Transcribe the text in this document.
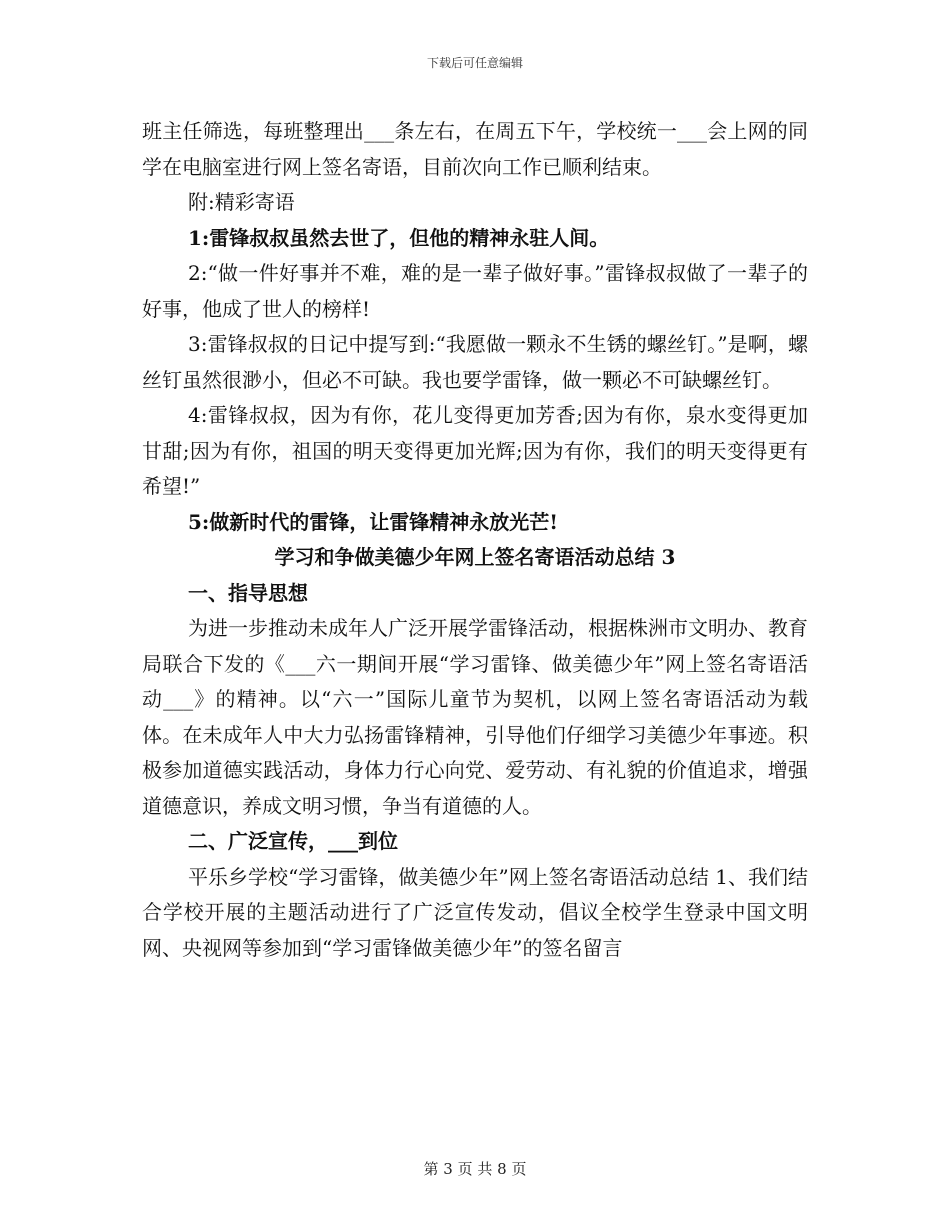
下载后可任意编辑

班主任筛选，每班整理出___条左右，在周五下午，学校统一___会上网的同学在电脑室进行网上签名寄语，目前次向工作已顺利结束。

附:精彩寄语

1:雷锋叔叔虽然去世了，但他的精神永驻人间。

2:“做一件好事并不难，难的是一辈子做好事。”雷锋叔叔做了一辈子的好事，他成了世人的榜样!

3:雷锋叔叔的日记中提写到:“我愿做一颗永不生锈的螺丝钉。”是啊，螺丝钉虽然很渺小，但必不可缺。我也要学雷锋，做一颗必不可缺螺丝钉。

4:雷锋叔叔，因为有你，花儿变得更加芳香;因为有你，泉水变得更加甘甜;因为有你，祖国的明天变得更加光辉;因为有你，我们的明天变得更有希望!”

5:做新时代的雷锋，让雷锋精神永放光芒!

学习和争做美德少年网上签名寄语活动总结 3

一、指导思想

为进一步推动未成年人广泛开展学雷锋活动，根据株洲市文明办、教育局联合下发的《___六一期间开展“学习雷锋、做美德少年”网上签名寄语活动___》的精神。以“六一”国际儿童节为契机，以网上签名寄语活动为载体。在未成年人中大力弘扬雷锋精神，引导他们仔细学习美德少年事迹。积极参加道德实践活动，身体力行心向党、爱劳动、有礼貌的价值追求，增强道德意识，养成文明习惯，争当有道德的人。

二、广泛宣传，___到位

平乐乡学校“学习雷锋，做美德少年”网上签名寄语活动总结 1、我们结合学校开展的主题活动进行了广泛宣传发动，倡议全校学生登录中国文明网、央视网等参加到“学习雷锋做美德少年”的签名留言

第 3 页 共 8 页
